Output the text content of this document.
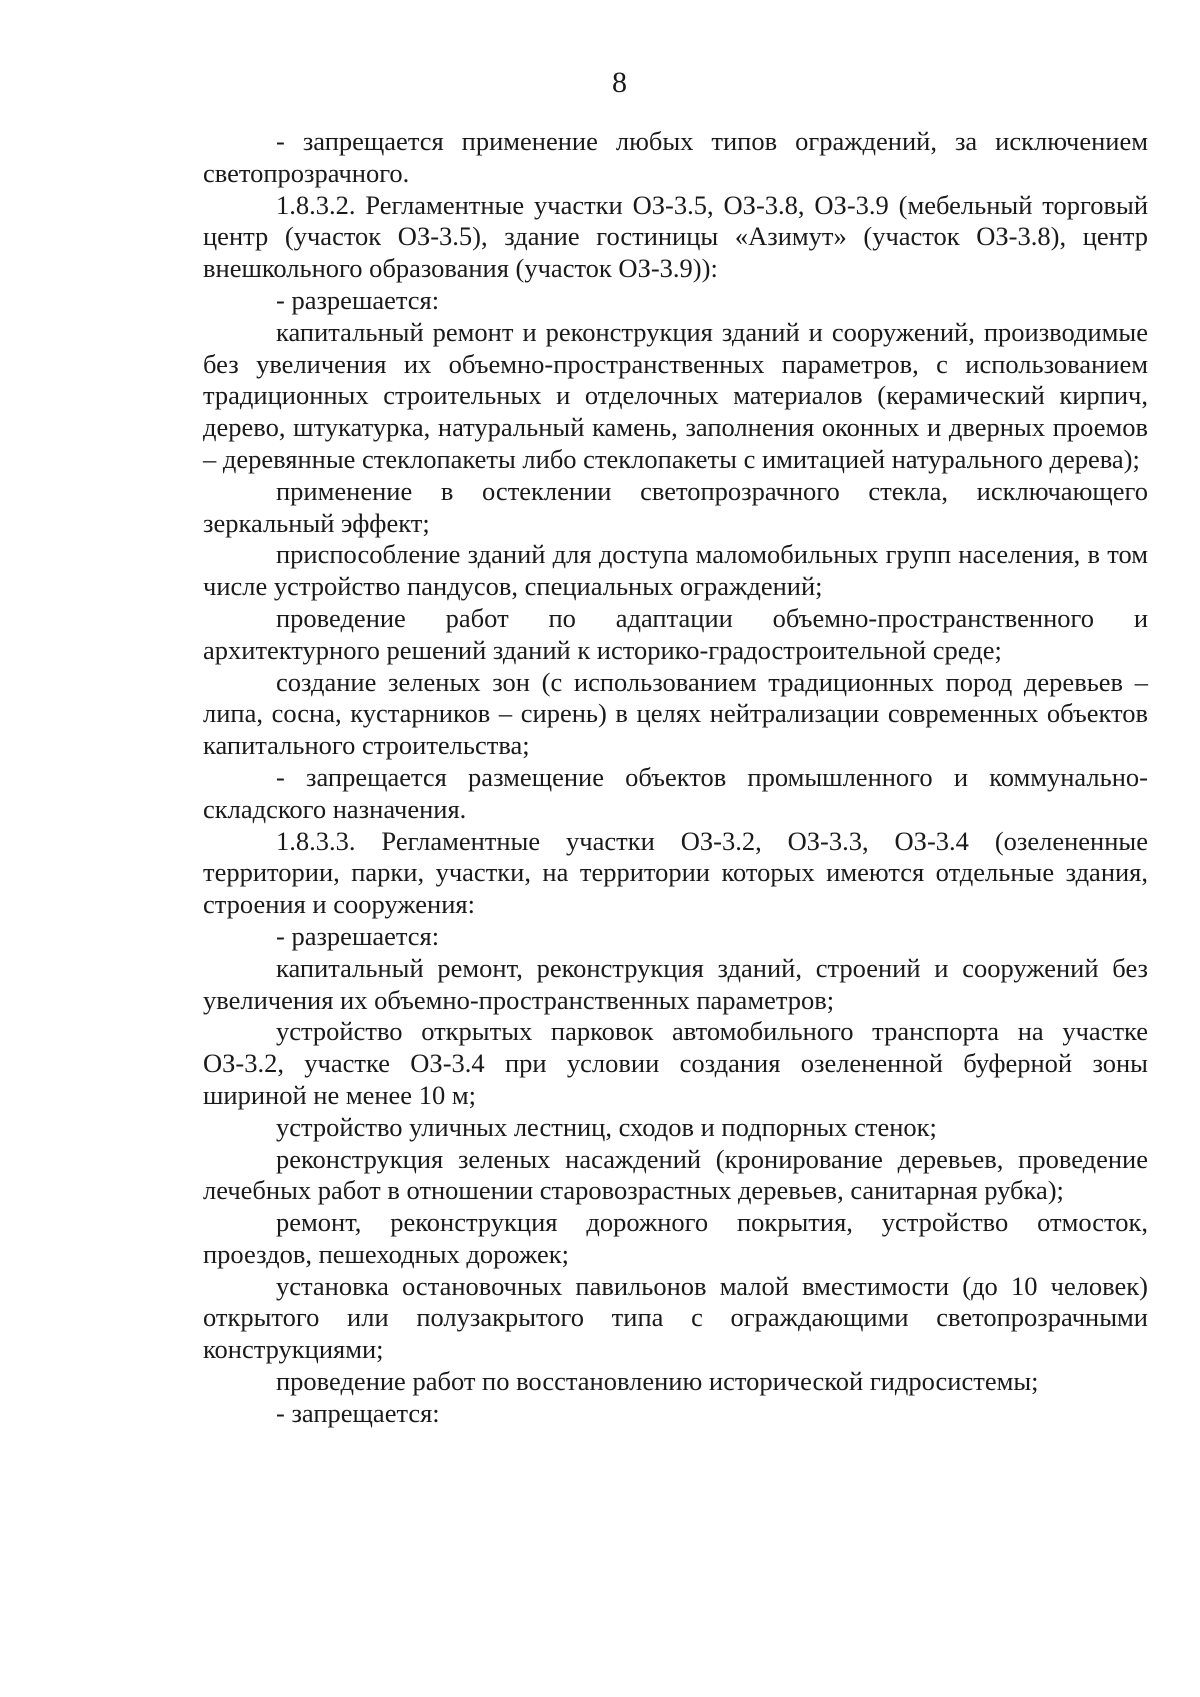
8

- запрещается применение любых типов ограждений, за исключением светопрозрачного.

1.8.3.2. Регламентные участки ОЗ-3.5, ОЗ-3.8, ОЗ-3.9 (мебельный торговый центр (участок ОЗ-3.5), здание гостиницы «Азимут» (участок ОЗ-3.8), центр внешкольного образования (участок ОЗ-3.9)):

- разрешается:

капитальный ремонт и реконструкция зданий и сооружений, производимые без увеличения их объемно-пространственных параметров, с использованием традиционных строительных и отделочных материалов (керамический кирпич, дерево, штукатурка, натуральный камень, заполнения оконных и дверных проемов – деревянные стеклопакеты либо стеклопакеты с имитацией натурального дерева);

применение в остеклении светопрозрачного стекла, исключающего зеркальный эффект;

приспособление зданий для доступа маломобильных групп населения, в том числе устройство пандусов, специальных ограждений;

проведение работ по адаптации объемно-пространственного и архитектурного решений зданий к историко-градостроительной среде;

создание зеленых зон (с использованием традиционных пород деревьев – липа, сосна, кустарников – сирень) в целях нейтрализации современных объектов капитального строительства;

- запрещается размещение объектов промышленного и коммунально-складского назначения.

1.8.3.3. Регламентные участки ОЗ-3.2, ОЗ-3.3, ОЗ-3.4 (озелененные территории, парки, участки, на территории которых имеются отдельные здания, строения и сооружения:

- разрешается:

капитальный ремонт, реконструкция зданий, строений и сооружений без увеличения их объемно-пространственных параметров;

устройство открытых парковок автомобильного транспорта на участке ОЗ-3.2, участке ОЗ-3.4 при условии создания озелененной буферной зоны шириной не менее 10 м;

устройство уличных лестниц, сходов и подпорных стенок;

реконструкция зеленых насаждений (кронирование деревьев, проведение лечебных работ в отношении старовозрастных деревьев, санитарная рубка);

ремонт, реконструкция дорожного покрытия, устройство отмосток, проездов, пешеходных дорожек;

установка остановочных павильонов малой вместимости (до 10 человек) открытого или полузакрытого типа с ограждающими светопрозрачными конструкциями;

проведение работ по восстановлению исторической гидросистемы;

- запрещается:
